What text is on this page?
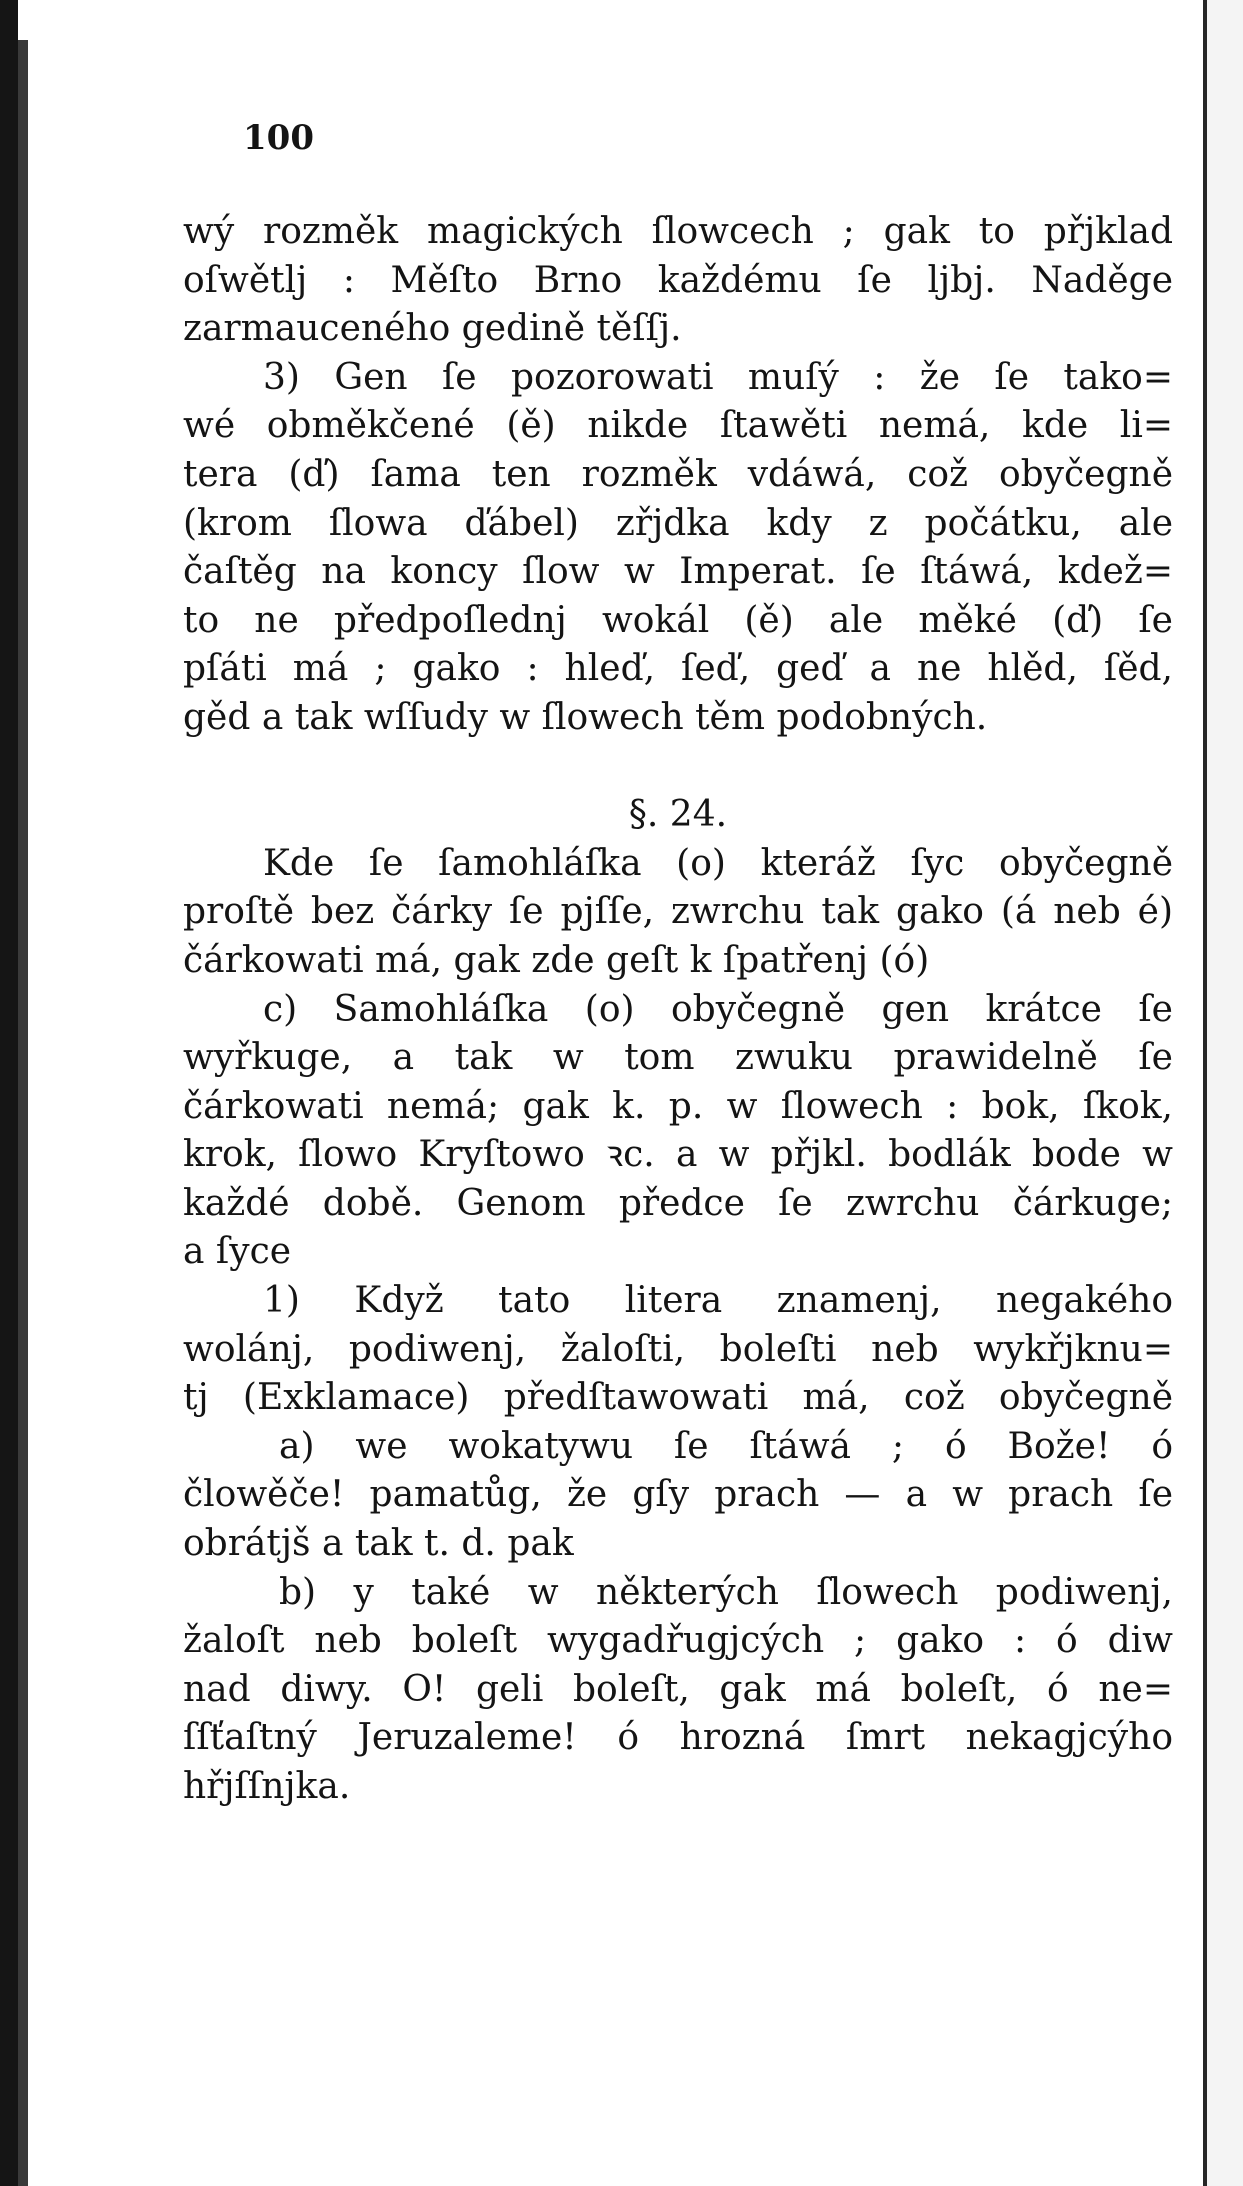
100
wý rozměk magických ſlowcech ; gak to přjklad
oſwětlj : Měſto Brno každému ſe ljbj. Naděge
zarmauceného gedině těſſj.
3) Gen ſe pozorowati muſý : že ſe tako=
wé obměkčené (ě) nikde ſtawěti nemá, kde li=
tera (ď) ſama ten rozměk vdáwá, což obyčegně
(krom ſlowa ďábel) zřjdka kdy z počátku, ale
čaſtěg na koncy ſlow w Imperat. ſe ſtáwá, kdež=
to ne předpoſlednj wokál (ě) ale měké (ď) ſe
pſáti má ; gako : hleď, ſeď, geď a ne hlěd, ſěd,
gěd a tak wſſudy w ſlowech těm podobných.
§. 24.
Kde ſe ſamohláſka (o) kteráž ſyc obyčegně
proſtě bez čárky ſe pjſſe, zwrchu tak gako (á neb é)
čárkowati má, gak zde geſt k ſpatřenj (ó)
c) Samohláſka (o) obyčegně gen krátce ſe
wyřkuge, a tak w tom zwuku prawidelně ſe
čárkowati nemá; gak k. p. w ſlowech : bok, ſkok,
krok, ſlowo Kryſtowo ꝛc. a w přjkl. bodlák bode w
každé době. Genom předce ſe zwrchu čárkuge;
a ſyce
1) Když tato litera znamenj, negakého
wolánj, podiwenj, žaloſti, boleſti neb wykřjknu=
tj (Exklamace) předſtawowati má, což obyčegně
a) we wokatywu ſe ſtáwá ; ó Bože! ó
člowěče! pamatůg, že gſy prach — a w prach ſe
obrátjš a tak t. d. pak
b) y také w některých ſlowech podiwenj,
žaloſt neb boleſt wygadřugjcých ; gako : ó diw
nad diwy. O! geli boleſt, gak má boleſt, ó ne=
ſſťaſtný Jeruzaleme! ó hrozná ſmrt nekagjcýho
hřjſſnjka.
